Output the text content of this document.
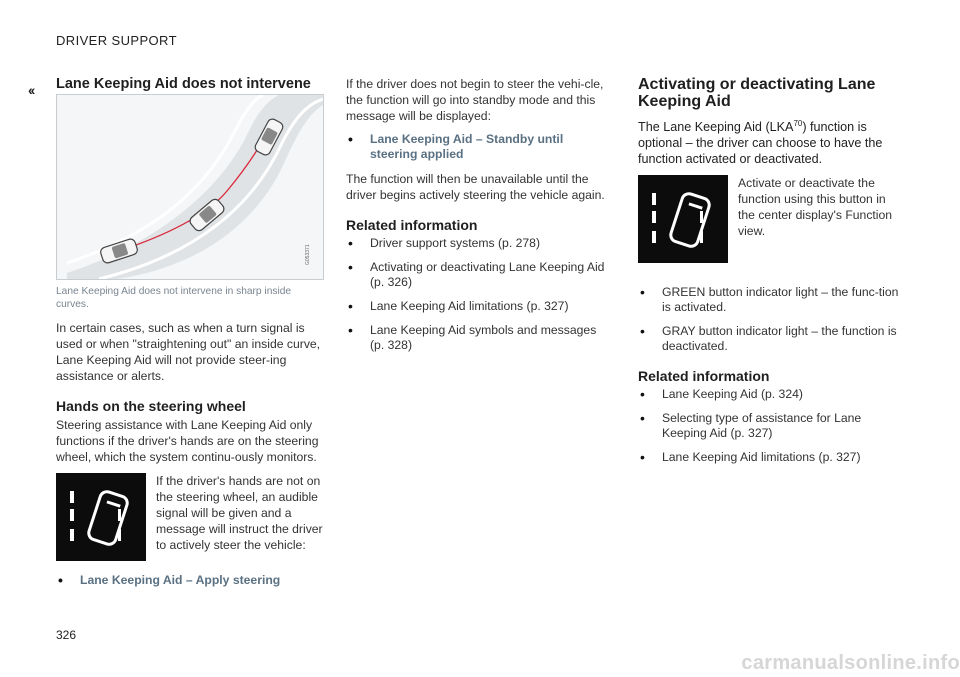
DRIVER SUPPORT
‹‹ Lane Keeping Aid does not intervene
G053371

Lane Keeping Aid does not intervene in sharp inside curves.

In certain cases, such as when a turn signal is used or when "straightening out" an inside curve, Lane Keeping Aid will not provide steer-ing assistance or alerts.

Hands on the steering wheel

Steering assistance with Lane Keeping Aid only functions if the driver's hands are on the steering wheel, which the system continu-ously monitors.

If the driver's hands are not on the steering wheel, an audible signal will be given and a message will instruct the driver to actively steer the vehicle:
• Lane Keeping Aid – Apply steering

If the driver does not begin to steer the vehi-cle, the function will go into standby mode and this message will be displayed:

• Lane Keeping Aid – Standby until steering applied

The function will then be unavailable until the driver begins actively steering the vehicle again.

Related information
• Driver support systems (p. 278)
• Activating or deactivating Lane Keeping Aid (p. 326)
• Lane Keeping Aid limitations (p. 327)
• Lane Keeping Aid symbols and messages (p. 328)
Activating or deactivating Lane Keeping Aid

The Lane Keeping Aid (LKA$^{70}$) function is optional – the driver can choose to have the function activated or deactivated.

Activate or deactivate the function using this button in the center display's Function view.
• GREEN button indicator light – the func-tion is activated.
• GRAY button indicator light – the function is deactivated.
Related information
• Lane Keeping Aid (p. 324)
• Selecting type of assistance for Lane Keeping Aid (p. 327)
• Lane Keeping Aid limitations (p. 327)
326
carmanualsonline.info
